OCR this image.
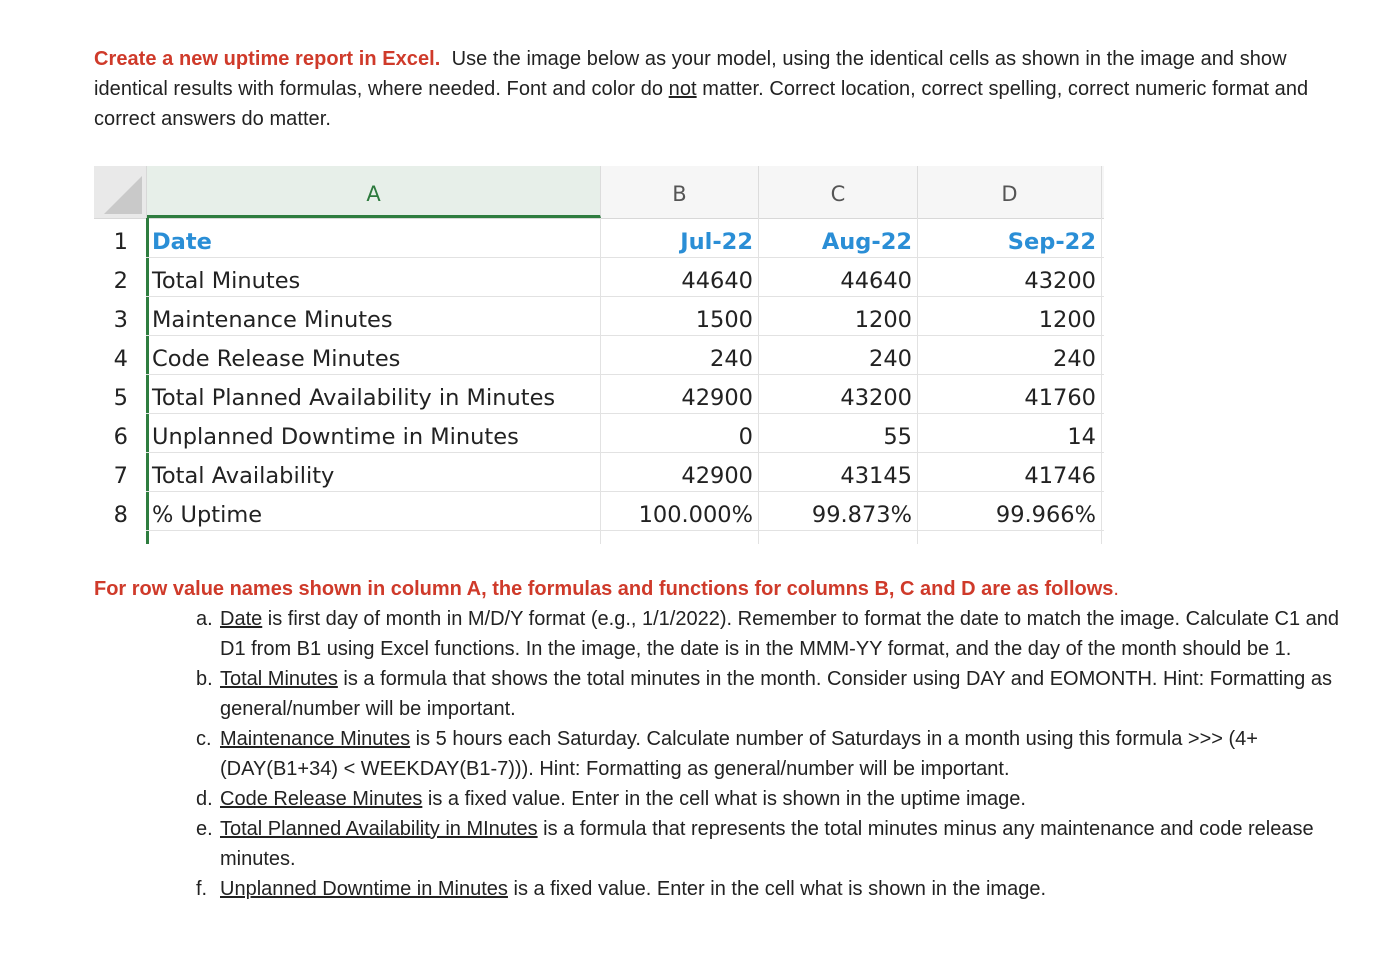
Create a new uptime report in Excel.  Use the image below as your model, using the identical cells as shown in the image and show identical results with formulas, where needed. Font and color do not matter. Correct location, correct spelling, correct numeric format and correct answers do matter.
A	B	C	D
1 Date	Jul-22	Aug-22	Sep-22
2 Total Minutes	44640	44640	43200
3 Maintenance Minutes	1500	1200	1200
4 Code Release Minutes	240	240	240
5 Total Planned Availability in Minutes	42900	43200	41760
6 Unplanned Downtime in Minutes	0	55	14
7 Total Availability	42900	43145	41746
8 % Uptime	100.000%	99.873%	99.966%
For row value names shown in column A, the formulas and functions for columns B, C and D are as follows.
a. Date is first day of month in M/D/Y format (e.g., 1/1/2022). Remember to format the date to match the image. Calculate C1 and D1 from B1 using Excel functions. In the image, the date is in the MMM-YY format, and the day of the month should be 1.
b. Total Minutes is a formula that shows the total minutes in the month. Consider using DAY and EOMONTH. Hint: Formatting as general/number will be important.
c. Maintenance Minutes is 5 hours each Saturday. Calculate number of Saturdays in a month using this formula >>> (4+(DAY(B1+34) < WEEKDAY(B1-7))). Hint: Formatting as general/number will be important.
d. Code Release Minutes is a fixed value. Enter in the cell what is shown in the uptime image.
e. Total Planned Availability in MInutes is a formula that represents the total minutes minus any maintenance and code release minutes.
f. Unplanned Downtime in Minutes is a fixed value. Enter in the cell what is shown in the image.
